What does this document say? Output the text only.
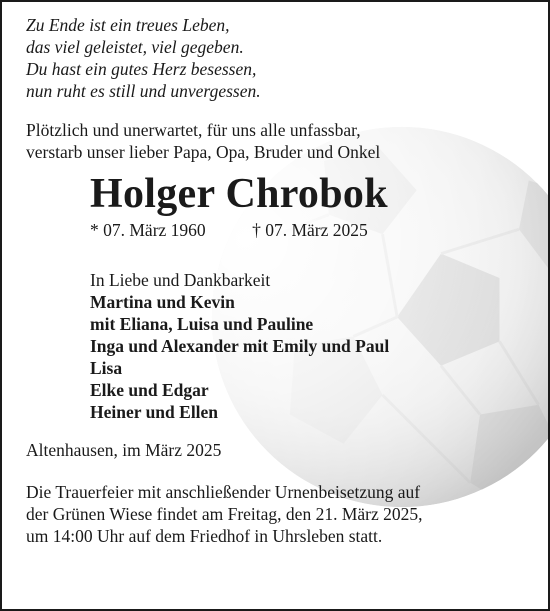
Zu Ende ist ein treues Leben,
das viel geleistet, viel gegeben.
Du hast ein gutes Herz besessen,
nun ruht es still und unvergessen.
Plötzlich und unerwartet, für uns alle unfassbar,
verstarb unser lieber Papa, Opa, Bruder und Onkel
Holger Chrobok
* 07. März 1960	† 07. März 2025
In Liebe und Dankbarkeit
Martina und Kevin
mit Eliana, Luisa und Pauline
Inga und Alexander mit Emily und Paul
Lisa
Elke und Edgar
Heiner und Ellen
Altenhausen, im März 2025
Die Trauerfeier mit anschließender Urnenbeisetzung auf
der Grünen Wiese findet am Freitag, den 21. März 2025,
um 14:00 Uhr auf dem Friedhof in Uhrsleben statt.
